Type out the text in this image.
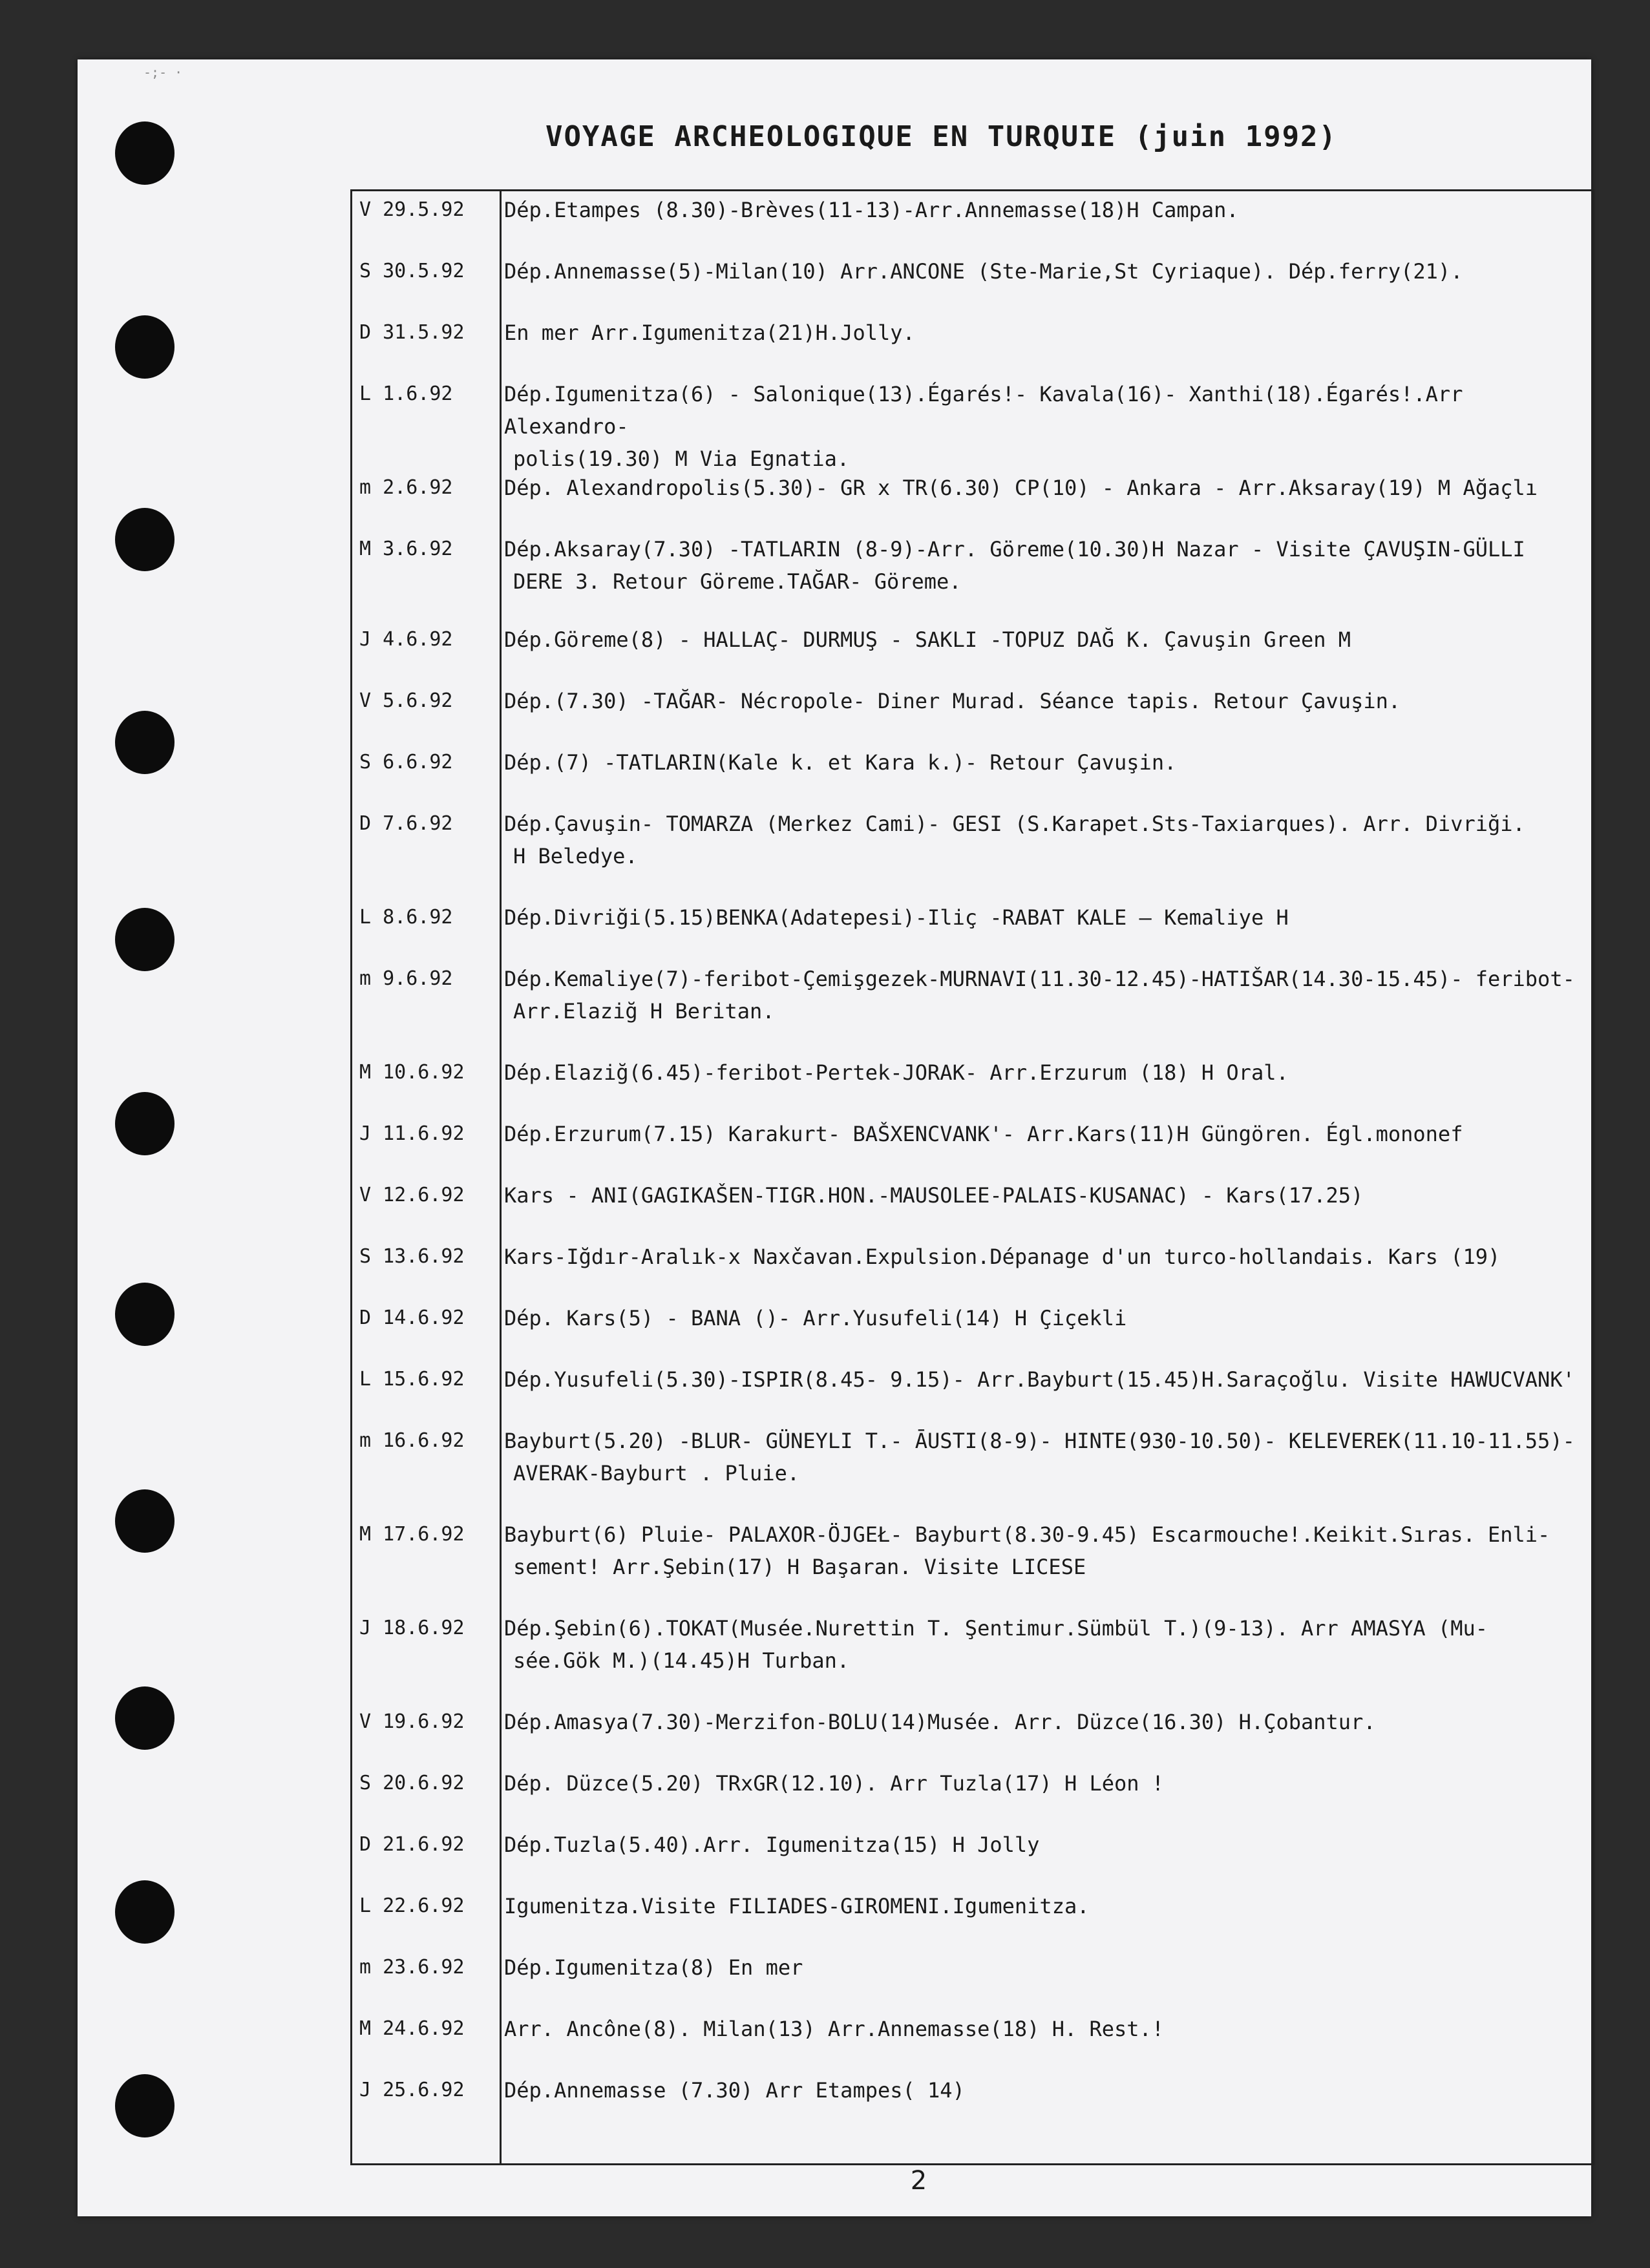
-;- ·
VOYAGE ARCHEOLOGIQUE EN TURQUIE (juin 1992)
V 29.5.92	Dép.Etampes (8.30)-Brèves(11-13)-Arr.Annemasse(18)H Campan.
S 30.5.92	Dép.Annemasse(5)-Milan(10) Arr.ANCONE (Ste-Marie,St Cyriaque). Dép.ferry(21).
D 31.5.92	En mer Arr.Igumenitza(21)H.Jolly.
L 1.6.92	Dép.Igumenitza(6) - Salonique(13).Égarés!- Kavala(16)- Xanthi(18).Égarés!.Arr Alexandro-
polis(19.30) M Via Egnatia.
m 2.6.92	Dép. Alexandropolis(5.30)- GR x TR(6.30) CP(10) - Ankara - Arr.Aksaray(19) M Ağaçlı
M 3.6.92	Dép.Aksaray(7.30) -TATLARIN (8-9)-Arr. Göreme(10.30)H Nazar - Visite ÇAVUŞIN-GÜLLI
DERE 3. Retour Göreme.TAĞAR- Göreme.
J 4.6.92	Dép.Göreme(8) - HALLAÇ- DURMUŞ - SAKLI -TOPUZ DAĞ K. Çavuşin Green M
V 5.6.92	Dép.(7.30) -TAĞAR- Nécropole- Diner Murad. Séance tapis. Retour Çavuşin.
S 6.6.92	Dép.(7) -TATLARIN(Kale k. et Kara k.)- Retour Çavuşin.
D 7.6.92	Dép.Çavuşin- TOMARZA (Merkez Cami)- GESI (S.Karapet.Sts-Taxiarques). Arr. Divriği.
H Beledye.
L 8.6.92	Dép.Divriği(5.15)BENKA(Adatepesi)-Iliç -RABAT KALE – Kemaliye H
m 9.6.92	Dép.Kemaliye(7)-feribot-Çemişgezek-MURNAVI(11.30-12.45)-HATIŠAR(14.30-15.45)- feribot-
Arr.Elaziğ H Beritan.
M 10.6.92	Dép.Elaziğ(6.45)-feribot-Pertek-JORAK- Arr.Erzurum (18) H Oral.
J 11.6.92	Dép.Erzurum(7.15) Karakurt- BAŠXENCVANK'- Arr.Kars(11)H Güngören. Égl.mononef
V 12.6.92	Kars - ANI(GAGIKAŠEN-TIGR.HON.-MAUSOLEE-PALAIS-KUSANAC) - Kars(17.25)
S 13.6.92	Kars-Iğdır-Aralık-x Naxčavan.Expulsion.Dépanage d'un turco-hollandais. Kars (19)
D 14.6.92	Dép. Kars(5) - BANA ()- Arr.Yusufeli(14) H Çiçekli
L 15.6.92	Dép.Yusufeli(5.30)-ISPIR(8.45- 9.15)- Arr.Bayburt(15.45)H.Saraçoğlu. Visite HAWUCVANK'
m 16.6.92	Bayburt(5.20) -BLUR- GÜNEYLI T.- ĀUSTI(8-9)- HINTE(930-10.50)- KELEVEREK(11.10-11.55)-
AVERAK-Bayburt . Pluie.
M 17.6.92	Bayburt(6) Pluie- PALAXOR-ÖJGEŁ- Bayburt(8.30-9.45) Escarmouche!.Keikit.Sıras. Enli-
sement! Arr.Şebin(17) H Başaran. Visite LICESE
J 18.6.92	Dép.Şebin(6).TOKAT(Musée.Nurettin T. Şentimur.Sümbül T.)(9-13). Arr AMASYA (Mu-
sée.Gök M.)(14.45)H Turban.
V 19.6.92	Dép.Amasya(7.30)-Merzifon-BOLU(14)Musée. Arr. Düzce(16.30) H.Çobantur.
S 20.6.92	Dép. Düzce(5.20) TRxGR(12.10). Arr Tuzla(17) H Léon !
D 21.6.92	Dép.Tuzla(5.40).Arr. Igumenitza(15) H Jolly
L 22.6.92	Igumenitza.Visite FILIADES-GIROMENI.Igumenitza.
m 23.6.92	Dép.Igumenitza(8) En mer
M 24.6.92	Arr. Ancône(8). Milan(13) Arr.Annemasse(18) H. Rest.!
J 25.6.92	Dép.Annemasse (7.30) Arr Etampes( 14)
2
